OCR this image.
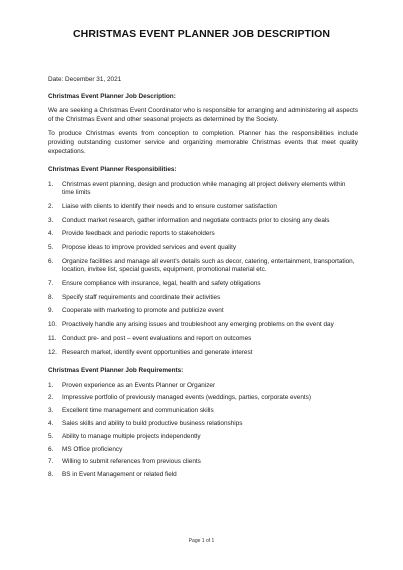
CHRISTMAS EVENT PLANNER JOB DESCRIPTION
Date: December 31, 2021
Christmas Event Planner Job Description:

We are seeking a Christmas Event Coordinator who is responsible for arranging and administering all aspects of the Christmas Event and other seasonal projects as determined by the Society.

To produce Christmas events from conception to completion. Planner has the responsibilities include providing outstanding customer service and organizing memorable Christmas events that meet quality expectations.

Christmas Event Planner Responsibilities:
1.	Christmas event planning, design and production while managing all project delivery elements within time limits
2.	Liaise with clients to identify their needs and to ensure customer satisfaction
3.	Conduct market research, gather information and negotiate contracts prior to closing any deals
4.	Provide feedback and periodic reports to stakeholders
5.	Propose ideas to improve provided services and event quality
6.	Organize facilities and manage all event's details such as decor, catering, entertainment, transportation, location, invitee list, special guests, equipment, promotional material etc.
7.	Ensure compliance with insurance, legal, health and safety obligations
8.	Specify staff requirements and coordinate their activities
9.	Cooperate with marketing to promote and publicize event
10. Proactively handle any arising issues and troubleshoot any emerging problems on the event day
11. Conduct pre- and post – event evaluations and report on outcomes
12. Research market, identify event opportunities and generate interest
Christmas Event Planner Job Requirements:
1.	Proven experience as an Events Planner or Organizer
2.	Impressive portfolio of previously managed events (weddings, parties, corporate events)
3.	Excellent time management and communication skills
4.	Sales skills and ability to build productive business relationships
5.	Ability to manage multiple projects independently
6.	MS Office proficiency
7.	Willing to submit references from previous clients
8.	BS in Event Management or related field
Page 1 of 1
